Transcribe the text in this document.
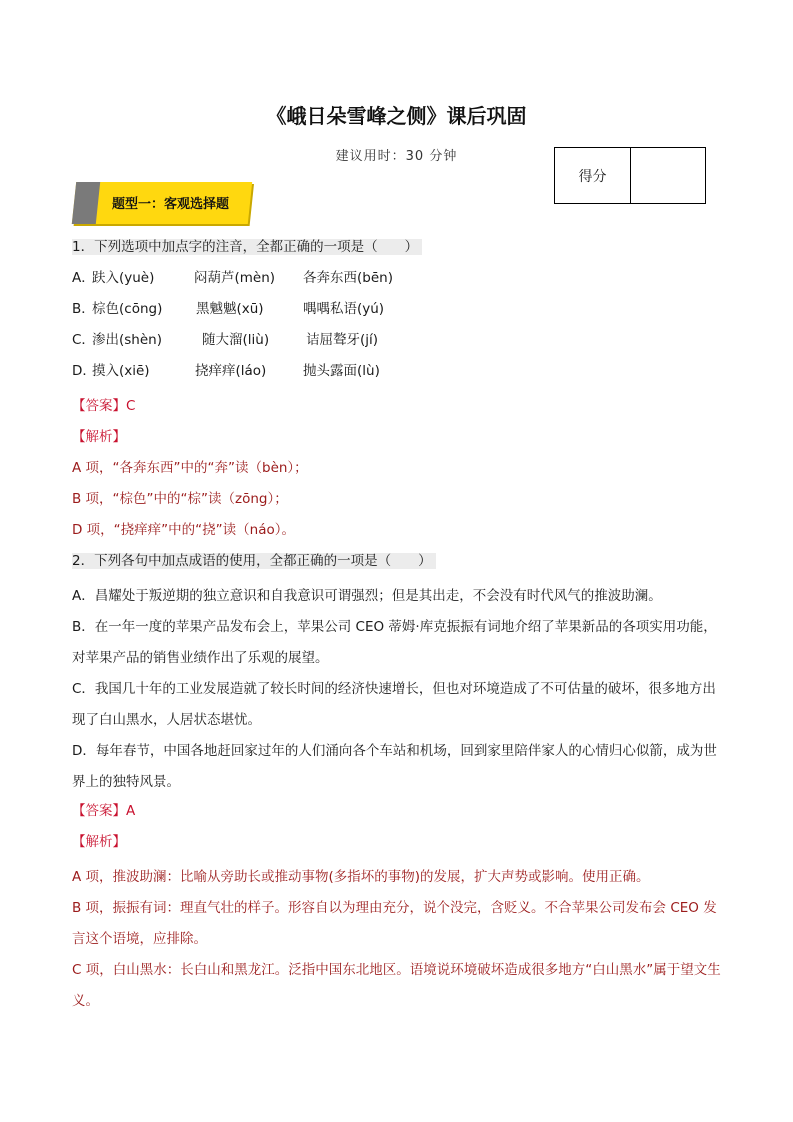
《峨日朵雪峰之侧》课后巩固
建议用时：30 分钟
得分
题型一：客观选择题
1．下列选项中加点字的注音，全都正确的一项是（　　）
A．
趺入(yuè)	闷葫芦(mèn)	各奔东西(bēn)
B．
棕色(cōng)	黑魆魆(xū)	喁喁私语(yú)
C．
渗出(shèn)	随大溜(liù)	诘屈聱牙(jí)
D．
摸入(xiē)	挠痒痒(láo)	抛头露面(lù)
【答案】C
【解析】
A 项，“各奔东西”中的“奔”读（bèn）；
B 项，“棕色”中的“棕”读（zōng）；
D 项，“挠痒痒”中的“挠”读（náo）。
2．下列各句中加点成语的使用，全都正确的一项是（　　）
A．昌耀处于叛逆期的独立意识和自我意识可谓强烈；但是其出走，不会没有时代风气的推波助澜。
B．在一年一度的苹果产品发布会上，苹果公司 CEO 蒂姆·库克振振有词地介绍了苹果新品的各项实用功能，对苹果产品的销售业绩作出了乐观的展望。
C．我国几十年的工业发展造就了较长时间的经济快速增长，但也对环境造成了不可估量的破坏，很多地方出现了白山黑水，人居状态堪忧。
D．每年春节，中国各地赶回家过年的人们涌向各个车站和机场，回到家里陪伴家人的心情归心似箭，成为世界上的独特风景。
【答案】A
【解析】
A 项，推波助澜：比喻从旁助长或推动事物(多指坏的事物)的发展，扩大声势或影响。使用正确。
B 项，振振有词：理直气壮的样子。形容自以为理由充分，说个没完，含贬义。不合苹果公司发布会 CEO 发言这个语境，应排除。
C 项，白山黑水：长白山和黑龙江。泛指中国东北地区。语境说环境破坏造成很多地方“白山黑水”属于望文生义。
